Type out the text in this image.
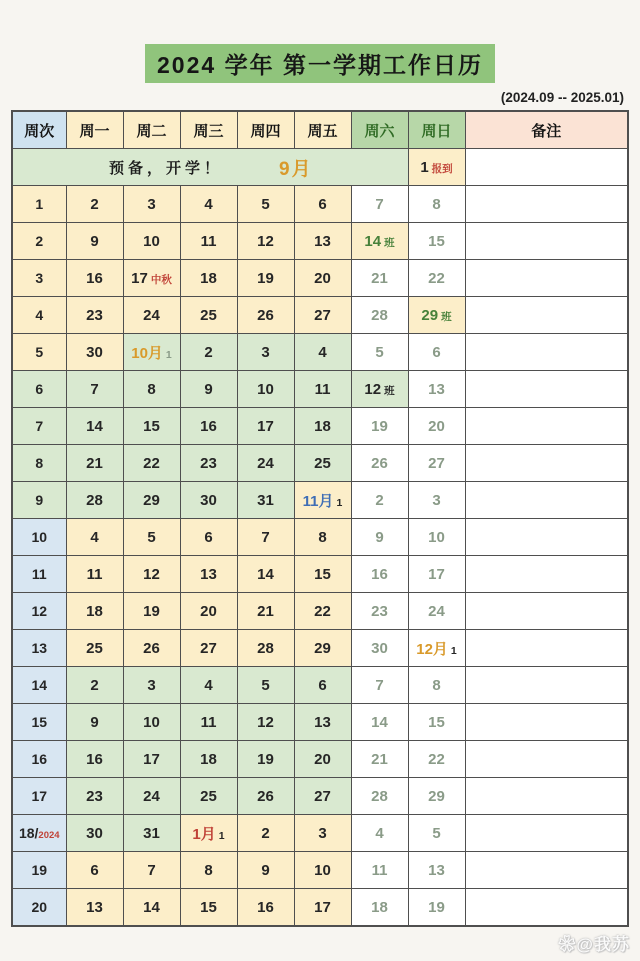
2024 学年 第一学期工作日历
(2024.09 -- 2025.01)
周次	周一	周二	周三	周四	周五	周六	周日	备注

预备，开学！ 9月							1 报到	
1	2	3	4	5	6	7	8	
2	9	10	11	12	13	14 班	15	
3	16	17 中秋	18	19	20	21	22	
4	23	24	25	26	27	28	29 班	
5	30	10月 1	2	3	4	5	6	
6	7	8	9	10	11	12 班	13	
7	14	15	16	17	18	19	20	
8	21	22	23	24	25	26	27	
9	28	29	30	31	11月 1	2	3	
10	4	5	6	7	8	9	10	
11	11	12	13	14	15	16	17	
12	18	19	20	21	22	23	24	
13	25	26	27	28	29	30	12月 1	
14	2	3	4	5	6	7	8	
15	9	10	11	12	13	14	15	
16	16	17	18	19	20	21	22	
17	23	24	25	26	27	28	29	
18/2024	30	31	1月 1	2	3	4	5	
19	6	7	8	9	10	11	13	
20	13	14	15	16	17	18	19	
❀@我苏
